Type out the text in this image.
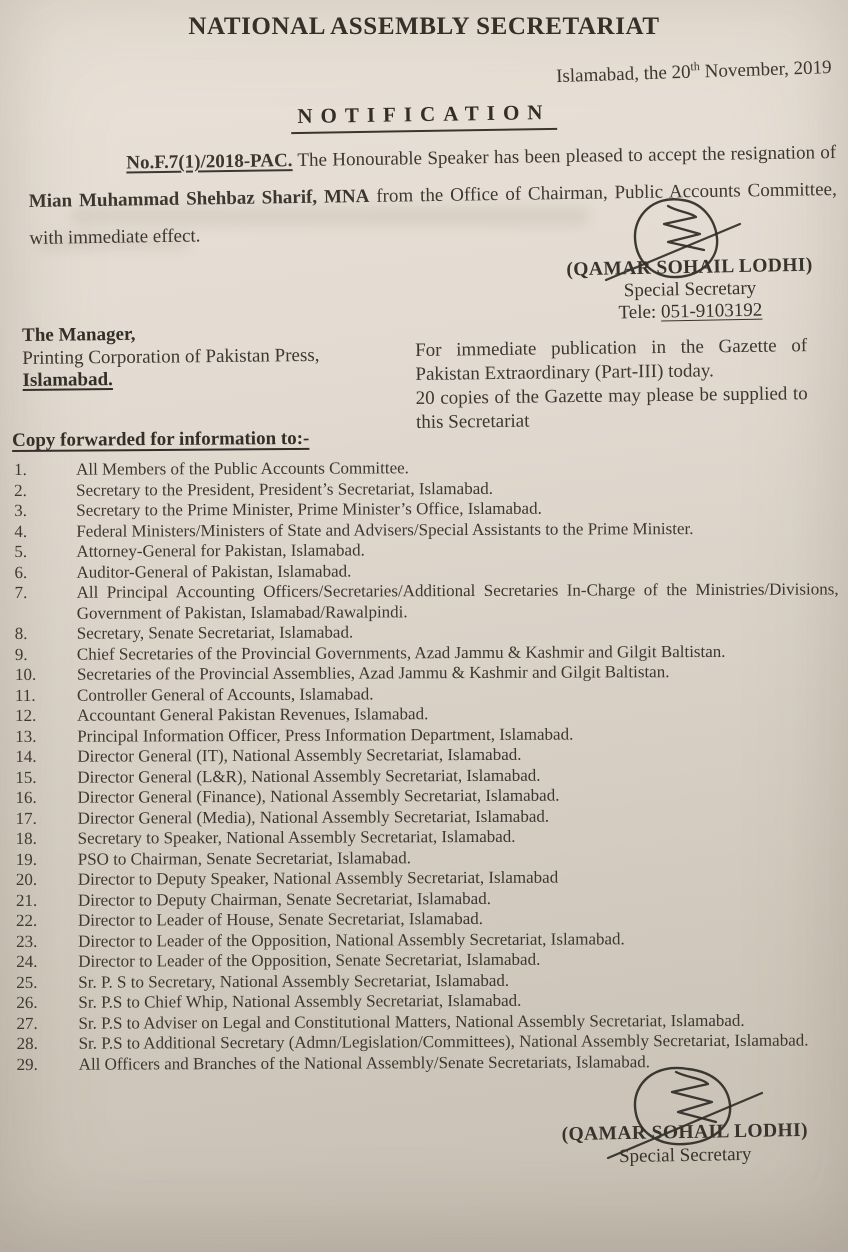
NATIONAL ASSEMBLY SECRETARIAT
Islamabad, the 20th November, 2019
NOTIFICATION
No.F.7(1)/2018-PAC. The Honourable Speaker has been pleased to accept the resignation of Mian Muhammad Shehbaz Sharif, MNA from the Office of Chairman, Public Accounts Committee, with immediate effect.
(QAMAR SOHAIL LODHI)
Special Secretary
Tele: 051-9103192
The Manager,
Printing Corporation of Pakistan Press,
Islamabad.

For immediate publication in the Gazette of Pakistan Extraordinary (Part-III) today.

20 copies of the Gazette may please be supplied to this Secretariat

Copy forwarded for information to:-
1.	All Members of the Public Accounts Committee.
2.	Secretary to the President, President’s Secretariat, Islamabad.
3.	Secretary to the Prime Minister, Prime Minister’s Office, Islamabad.
4.	Federal Ministers/Ministers of State and Advisers/Special Assistants to the Prime Minister.
5.	Attorney-General for Pakistan, Islamabad.
6.	Auditor-General of Pakistan, Islamabad.
7.	All Principal Accounting Officers/Secretaries/Additional Secretaries In-Charge of the Ministries/Divisions, Government of Pakistan, Islamabad/Rawalpindi.
8.	Secretary, Senate Secretariat, Islamabad.
9.	Chief Secretaries of the Provincial Governments, Azad Jammu & Kashmir and Gilgit Baltistan.
10.	Secretaries of the Provincial Assemblies, Azad Jammu & Kashmir and Gilgit Baltistan.
11.	Controller General of Accounts, Islamabad.
12.	Accountant General Pakistan Revenues, Islamabad.
13.	Principal Information Officer, Press Information Department, Islamabad.
14.	Director General (IT), National Assembly Secretariat, Islamabad.
15.	Director General (L&R), National Assembly Secretariat, Islamabad.
16.	Director General (Finance), National Assembly Secretariat, Islamabad.
17.	Director General (Media), National Assembly Secretariat, Islamabad.
18.	Secretary to Speaker, National Assembly Secretariat, Islamabad.
19.	PSO to Chairman, Senate Secretariat, Islamabad.
20.	Director to Deputy Speaker, National Assembly Secretariat, Islamabad
21.	Director to Deputy Chairman, Senate Secretariat, Islamabad.
22.	Director to Leader of House, Senate Secretariat, Islamabad.
23.	Director to Leader of the Opposition, National Assembly Secretariat, Islamabad.
24.	Director to Leader of the Opposition, Senate Secretariat, Islamabad.
25.	Sr. P. S to Secretary, National Assembly Secretariat, Islamabad.
26.	Sr. P.S to Chief Whip, National Assembly Secretariat, Islamabad.
27.	Sr. P.S to Adviser on Legal and Constitutional Matters, National Assembly Secretariat, Islamabad.
28.	Sr. P.S to Additional Secretary (Admn/Legislation/Committees), National Assembly Secretariat, Islamabad.
29.	All Officers and Branches of the National Assembly/Senate Secretariats, Islamabad.
(QAMAR SOHAIL LODHI)
Special Secretary
